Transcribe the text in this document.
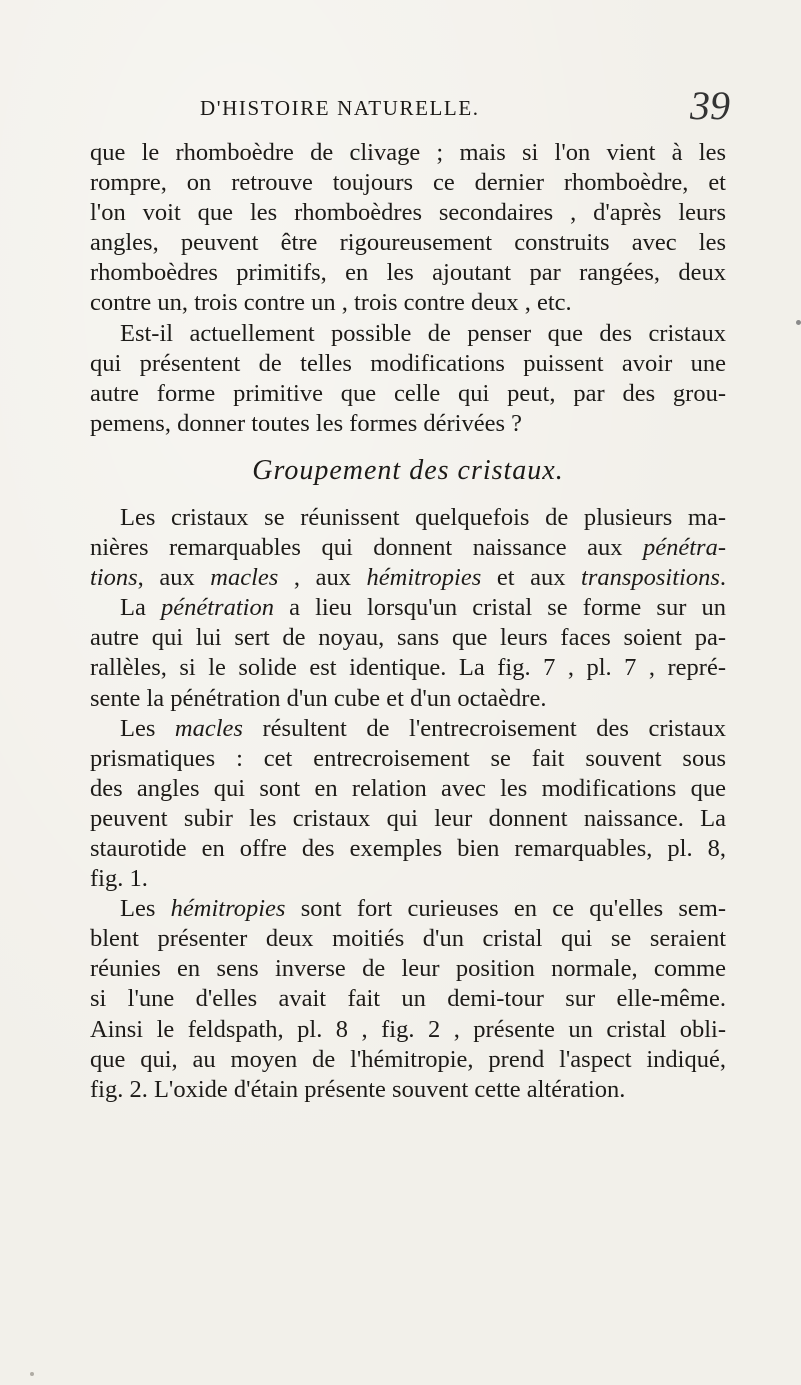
D'HISTOIRE NATURELLE.	39
que le rhomboèdre de clivage ; mais si l'on vient à les
rompre, on retrouve toujours ce dernier rhomboèdre, et
l'on voit que les rhomboèdres secondaires , d'après leurs
angles, peuvent être rigoureusement construits avec les
rhomboèdres primitifs, en les ajoutant par rangées, deux
contre un, trois contre un , trois contre deux , etc.
Est-il actuellement possible de penser que des cristaux
qui présentent de telles modifications puissent avoir une
autre forme primitive que celle qui peut, par des grou-
pemens, donner toutes les formes dérivées ?
Groupement des cristaux.
Les cristaux se réunissent quelquefois de plusieurs ma-
nières remarquables qui donnent naissance aux pénétra-
tions, aux macles , aux hémitropies et aux transpositions.
La pénétration a lieu lorsqu'un cristal se forme sur un
autre qui lui sert de noyau, sans que leurs faces soient pa-
rallèles, si le solide est identique. La fig. 7 , pl. 7 , repré-
sente la pénétration d'un cube et d'un octaèdre.
Les macles résultent de l'entrecroisement des cristaux
prismatiques : cet entrecroisement se fait souvent sous
des angles qui sont en relation avec les modifications que
peuvent subir les cristaux qui leur donnent naissance. La
staurotide en offre des exemples bien remarquables, pl. 8,
fig. 1.
Les hémitropies sont fort curieuses en ce qu'elles sem-
blent présenter deux moitiés d'un cristal qui se seraient
réunies en sens inverse de leur position normale, comme
si l'une d'elles avait fait un demi-tour sur elle-même.
Ainsi le feldspath, pl. 8 , fig. 2 , présente un cristal obli-
que qui, au moyen de l'hémitropie, prend l'aspect indiqué,
fig. 2. L'oxide d'étain présente souvent cette altération.
